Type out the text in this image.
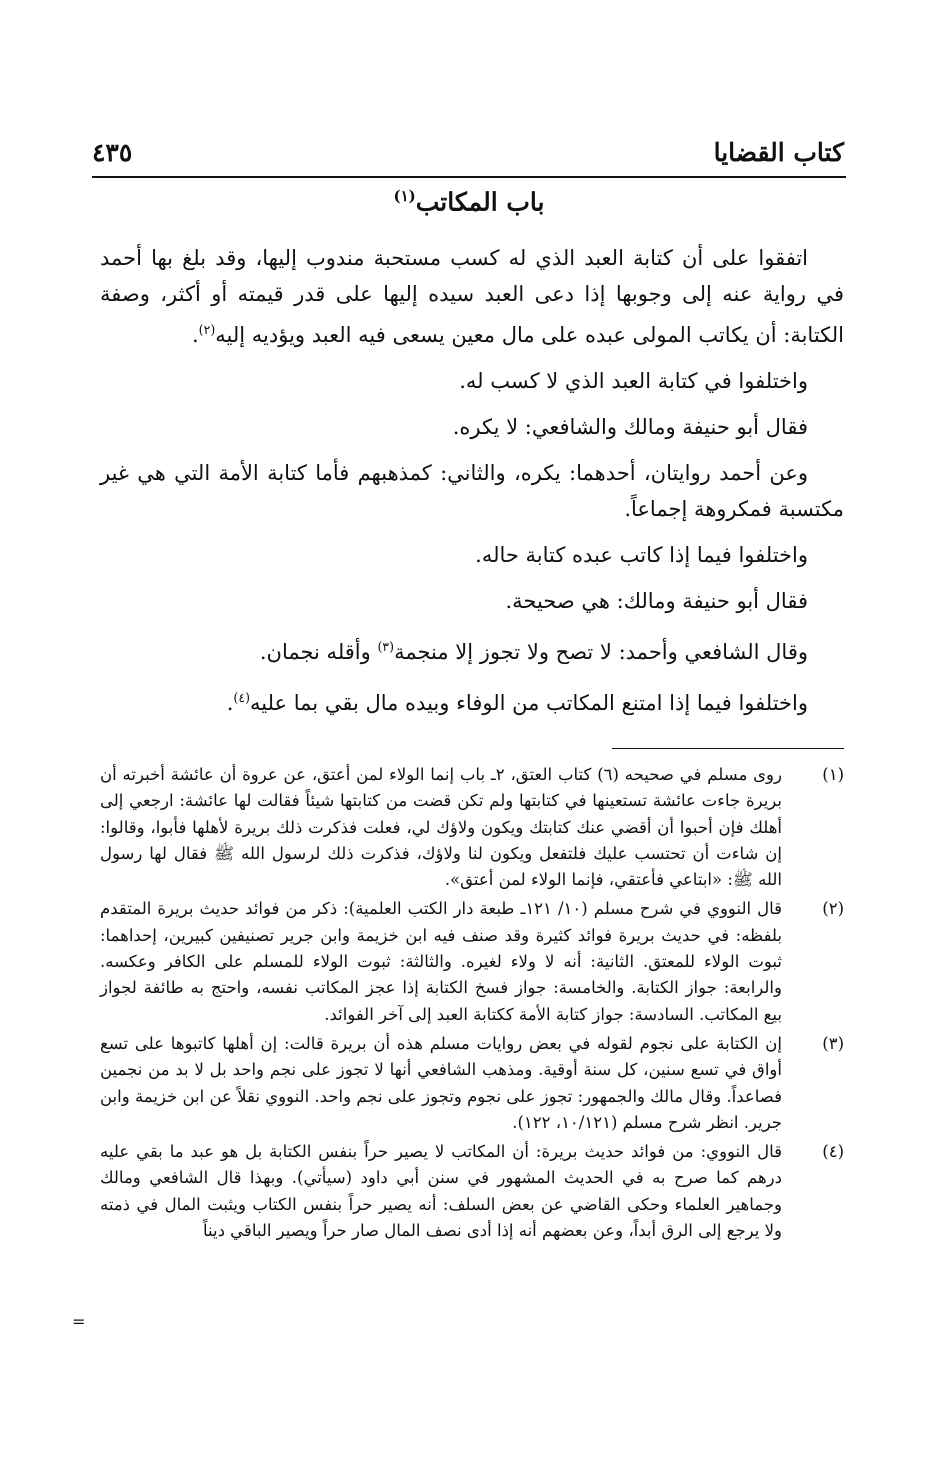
كتاب القضايا
٤٣٥
باب المكاتب$^{(١)}$

اتفقوا على أن كتابة العبد الذي له كسب مستحبة مندوب إليها، وقد بلغ بها أحمد في رواية عنه إلى وجوبها إذا دعى العبد سيده إليها على قدر قيمته أو أكثر، وصفة الكتابة: أن يكاتب المولى عبده على مال معين يسعى فيه العبد ويؤديه إليه$^{(٢)}$.

واختلفوا في كتابة العبد الذي لا كسب له.

فقال أبو حنيفة ومالك والشافعي: لا يكره.

وعن أحمد روايتان، أحدهما: يكره، والثاني: كمذهبهم فأما كتابة الأمة التي هي غير مكتسبة فمكروهة إجماعاً.

واختلفوا فيما إذا كاتب عبده كتابة حاله.

فقال أبو حنيفة ومالك: هي صحيحة.

وقال الشافعي وأحمد: لا تصح ولا تجوز إلا منجمة$^{(٣)}$ وأقله نجمان.

واختلفوا فيما إذا امتنع المكاتب من الوفاء وبيده مال بقي بما عليه$^{(٤)}$.

(١)
روى مسلم في صحيحه (٦) كتاب العتق، ٢ـ باب إنما الولاء لمن أعتق، عن عروة أن عائشة أخبرته أن بريرة جاءت عائشة تستعينها في كتابتها ولم تكن قضت من كتابتها شيئاً فقالت لها عائشة: ارجعي إلى أهلك فإن أحبوا أن أقضي عنك كتابتك ويكون ولاؤك لي، فعلت فذكرت ذلك بريرة لأهلها فأبوا، وقالوا: إن شاءت أن تحتسب عليك فلتفعل ويكون لنا ولاؤك، فذكرت ذلك لرسول الله ﷺ فقال لها رسول الله ﷺ: «ابتاعي فأعتقي، فإنما الولاء لمن أعتق».
(٢)
قال النووي في شرح مسلم (١٠/ ١٢١ـ طبعة دار الكتب العلمية): ذكر من فوائد حديث بريرة المتقدم بلفظه: في حديث بريرة فوائد كثيرة وقد صنف فيه ابن خزيمة وابن جرير تصنيفين كبيرين، إحداهما: ثبوت الولاء للمعتق. الثانية: أنه لا ولاء لغيره. والثالثة: ثبوت الولاء للمسلم على الكافر وعكسه. والرابعة: جواز الكتابة. والخامسة: جواز فسخ الكتابة إذا عجز المكاتب نفسه، واحتج به طائفة لجواز بيع المكاتب. السادسة: جواز كتابة الأمة ككتابة العبد إلى آخر الفوائد.
(٣)
إن الكتابة على نجوم لقوله في بعض روايات مسلم هذه أن بريرة قالت: إن أهلها كاتبوها على تسع أواق في تسع سنين، كل سنة أوقية. ومذهب الشافعي أنها لا تجوز على نجم واحد بل لا بد من نجمين فصاعداً. وقال مالك والجمهور: تجوز على نجوم وتجوز على نجم واحد. النووي نقلاً عن ابن خزيمة وابن جرير. انظر شرح مسلم (١٠/١٢١، ١٢٢).
(٤)
قال النووي: من فوائد حديث بريرة: أن المكاتب لا يصير حراً بنفس الكتابة بل هو عبد ما بقي عليه درهم كما صرح به في الحديث المشهور في سنن أبي داود (سيأتي). وبهذا قال الشافعي ومالك وجماهير العلماء وحكى القاضي عن بعض السلف: أنه يصير حراً بنفس الكتاب ويثبت المال في ذمته ولا يرجع إلى الرق أبداً، وعن بعضهم أنه إذا أدى نصف المال صار حراً ويصير الباقي ديناً
=
